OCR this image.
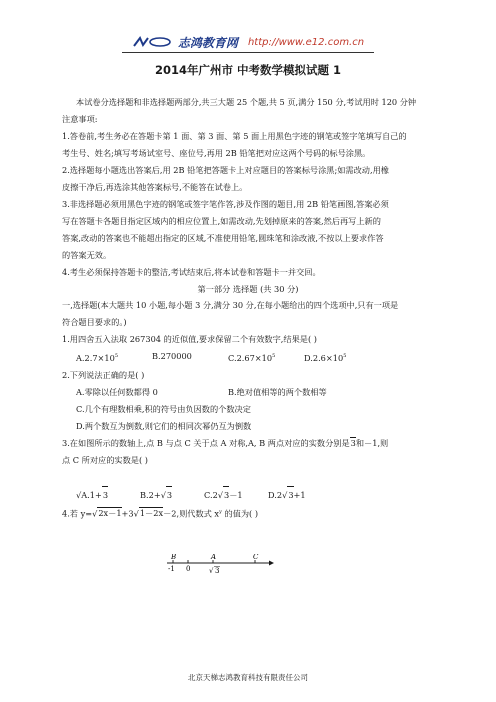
志鸿教育网 http://www.e12.com.cn
2014年广州市 中考数学模拟试题 1

本试卷分选择题和非选择题两部分,共三大题 25 个题,共 5 页,满分 150 分,考试用时 120 分钟

注意事项:

1.答卷前,考生务必在答题卡第 1 面、第 3 面、第 5 面上用黑色字迹的钢笔或签字笔填写自己的

考生号、姓名;填写考场试室号、座位号,再用 2B 铅笔把对应这两个号码的标号涂黑。

2.选择题每小题选出答案后,用 2B 铅笔把答题卡上对应题目的答案标号涂黑;如需改动,用橡

皮擦干净后,再选涂其他答案标号,不能答在试卷上。

3.非选择题必须用黑色字迹的钢笔或签字笔作答,涉及作图的题目,用 2B 铅笔画图,答案必须

写在答题卡各题目指定区域内的相应位置上,如需改动,先划掉原来的答案,然后再写上新的

答案,改动的答案也不能超出指定的区域,不准使用铅笔,圆珠笔和涂改液,不按以上要求作答

的答案无效。

4.考生必须保持答题卡的整洁,考试结束后,将本试卷和答题卡一并交回。

第一部分 选择题 (共 30 分)

一,选择题(本大题共 10 小题,每小题 3 分,满分 30 分,在每小题给出的四个选项中,只有一项是

符合题目要求的。)

1.用四舍五入法取 267304 的近似值,要求保留二个有效数字,结果是( )

$A.2.7\times 10^5$	B.270000	$C.2.67\times 10^5$	$D.2.6\times 10^5$

2.下列说法正确的是( )

A.零除以任何数都得 0	B.绝对值相等的两个数相等

C.几个有理数相乘,积的符号由负因数的个数决定

D.两个数互为倒数,则它们的相同次幂仍互为倒数

3.在如图所示的数轴上,点 B 与点 C 关于点 A 对称,A, B 两点对应的实数分别是3和－1,则

点 C 所对应的实数是( )

√A.1+3	B.2+√3	C.2√3－1	D.2√3+1

4.若 y=√2x－1+3√1－2x－2,则代数式 $x^y$ 的值为( )

B	A	C
-1 0	√ 3
北京天梯志鸿教育科技有限责任公司
